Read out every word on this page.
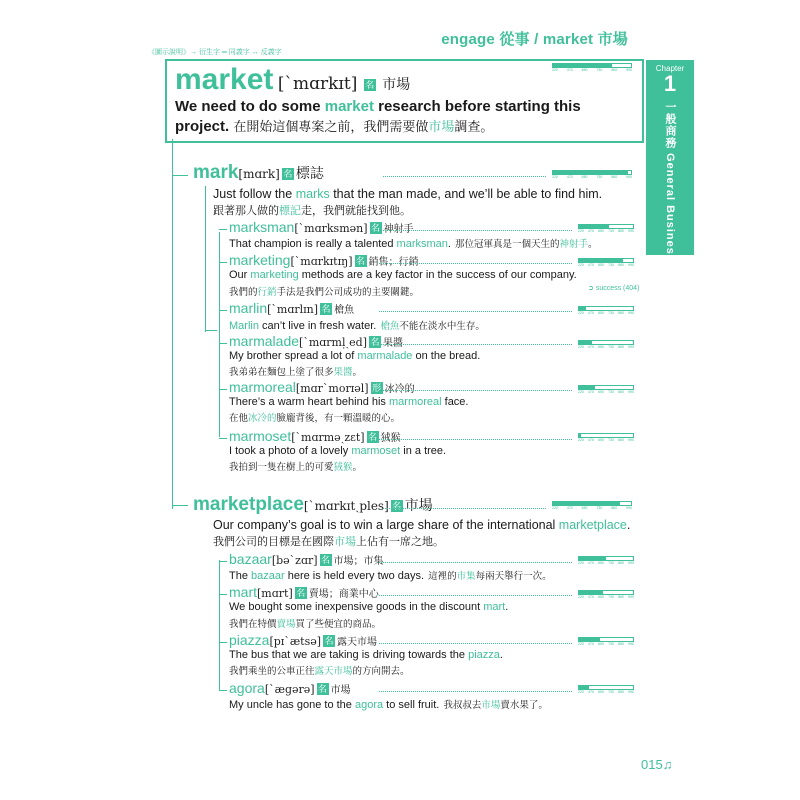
engage 從事 / market 市場
《圖示說明》→ 衍生字 ═ 同義字 ↔ 反義字
Chapter
1
一般商務 General Business
market [ˋmɑrkɪt] 名 市場
We need to do some market research before starting this project. 在開始這個專案之前，我們需要做市場調查。
mark[mɑrk] 名 標誌
Just follow the marks that the man made, and we’ll be able to find him.
跟著那人做的標記走，我們就能找到他。
marksman[ˋmɑrksmən] 名 神射手
That champion is really a talented marksman. 那位冠軍真是一個天生的神射手。
marketing[ˋmɑrkɪtɪŋ] 名 銷售；行銷
Our marketing methods are a key factor in the success of our company.
我們的行銷手法是我們公司成功的主要關鍵。
marlin[ˋmɑrlɪn] 名 槍魚
Marlin can’t live in fresh water. 槍魚不能在淡水中生存。
marmalade[ˋmɑrmḷˏed] 名 果醬
My brother spread a lot of marmalade on the bread.
我弟弟在麵包上塗了很多果醬。
marmoreal[mɑrˋmorɪəl] 形 冰冷的
There’s a warm heart behind his marmoreal face.
在他冰冷的臉龐背後，有一顆溫暖的心。
marmoset[ˋmɑrməˏzɛt] 名 狨猴
I took a photo of a lovely marmoset in a tree.
我拍到一隻在樹上的可愛狨猴。
marketplace[ˋmɑrkɪtˏples] 名 市場
Our company’s goal is to win a large share of the international marketplace.
我們公司的目標是在國際市場上佔有一席之地。
bazaar[bəˋzɑr] 名 市場；市集
The bazaar here is held every two days. 這裡的市集每兩天舉行一次。
mart[mɑrt] 名 賣場；商業中心
We bought some inexpensive goods in the discount mart.
我們在特價賣場買了些便宜的商品。
piazza[pɪˋætsə] 名 露天市場
The bus that we are taking is driving towards the piazza.
我們乘坐的公車正往露天市場的方向開去。
agora[ˋægərə] 名 市場
My uncle has gone to the agora to sell fruit. 我叔叔去市場賣水果了。
➲ success (404)
015♫
220	470	650	730	860	990
220 470 650 730 860 990
220 470 650 730 860 990
220 470 650 730 860 990
220 470 650 730 860 990
220 470 650 730 860 990
220 470 650 730 860 990
220	470	650	730	860	990
220 470 650 730 860 990
220 470 650 730 860 990
220 470 650 730 860 990
220 470 650 730 860 990
220	470	650	730	860	990
